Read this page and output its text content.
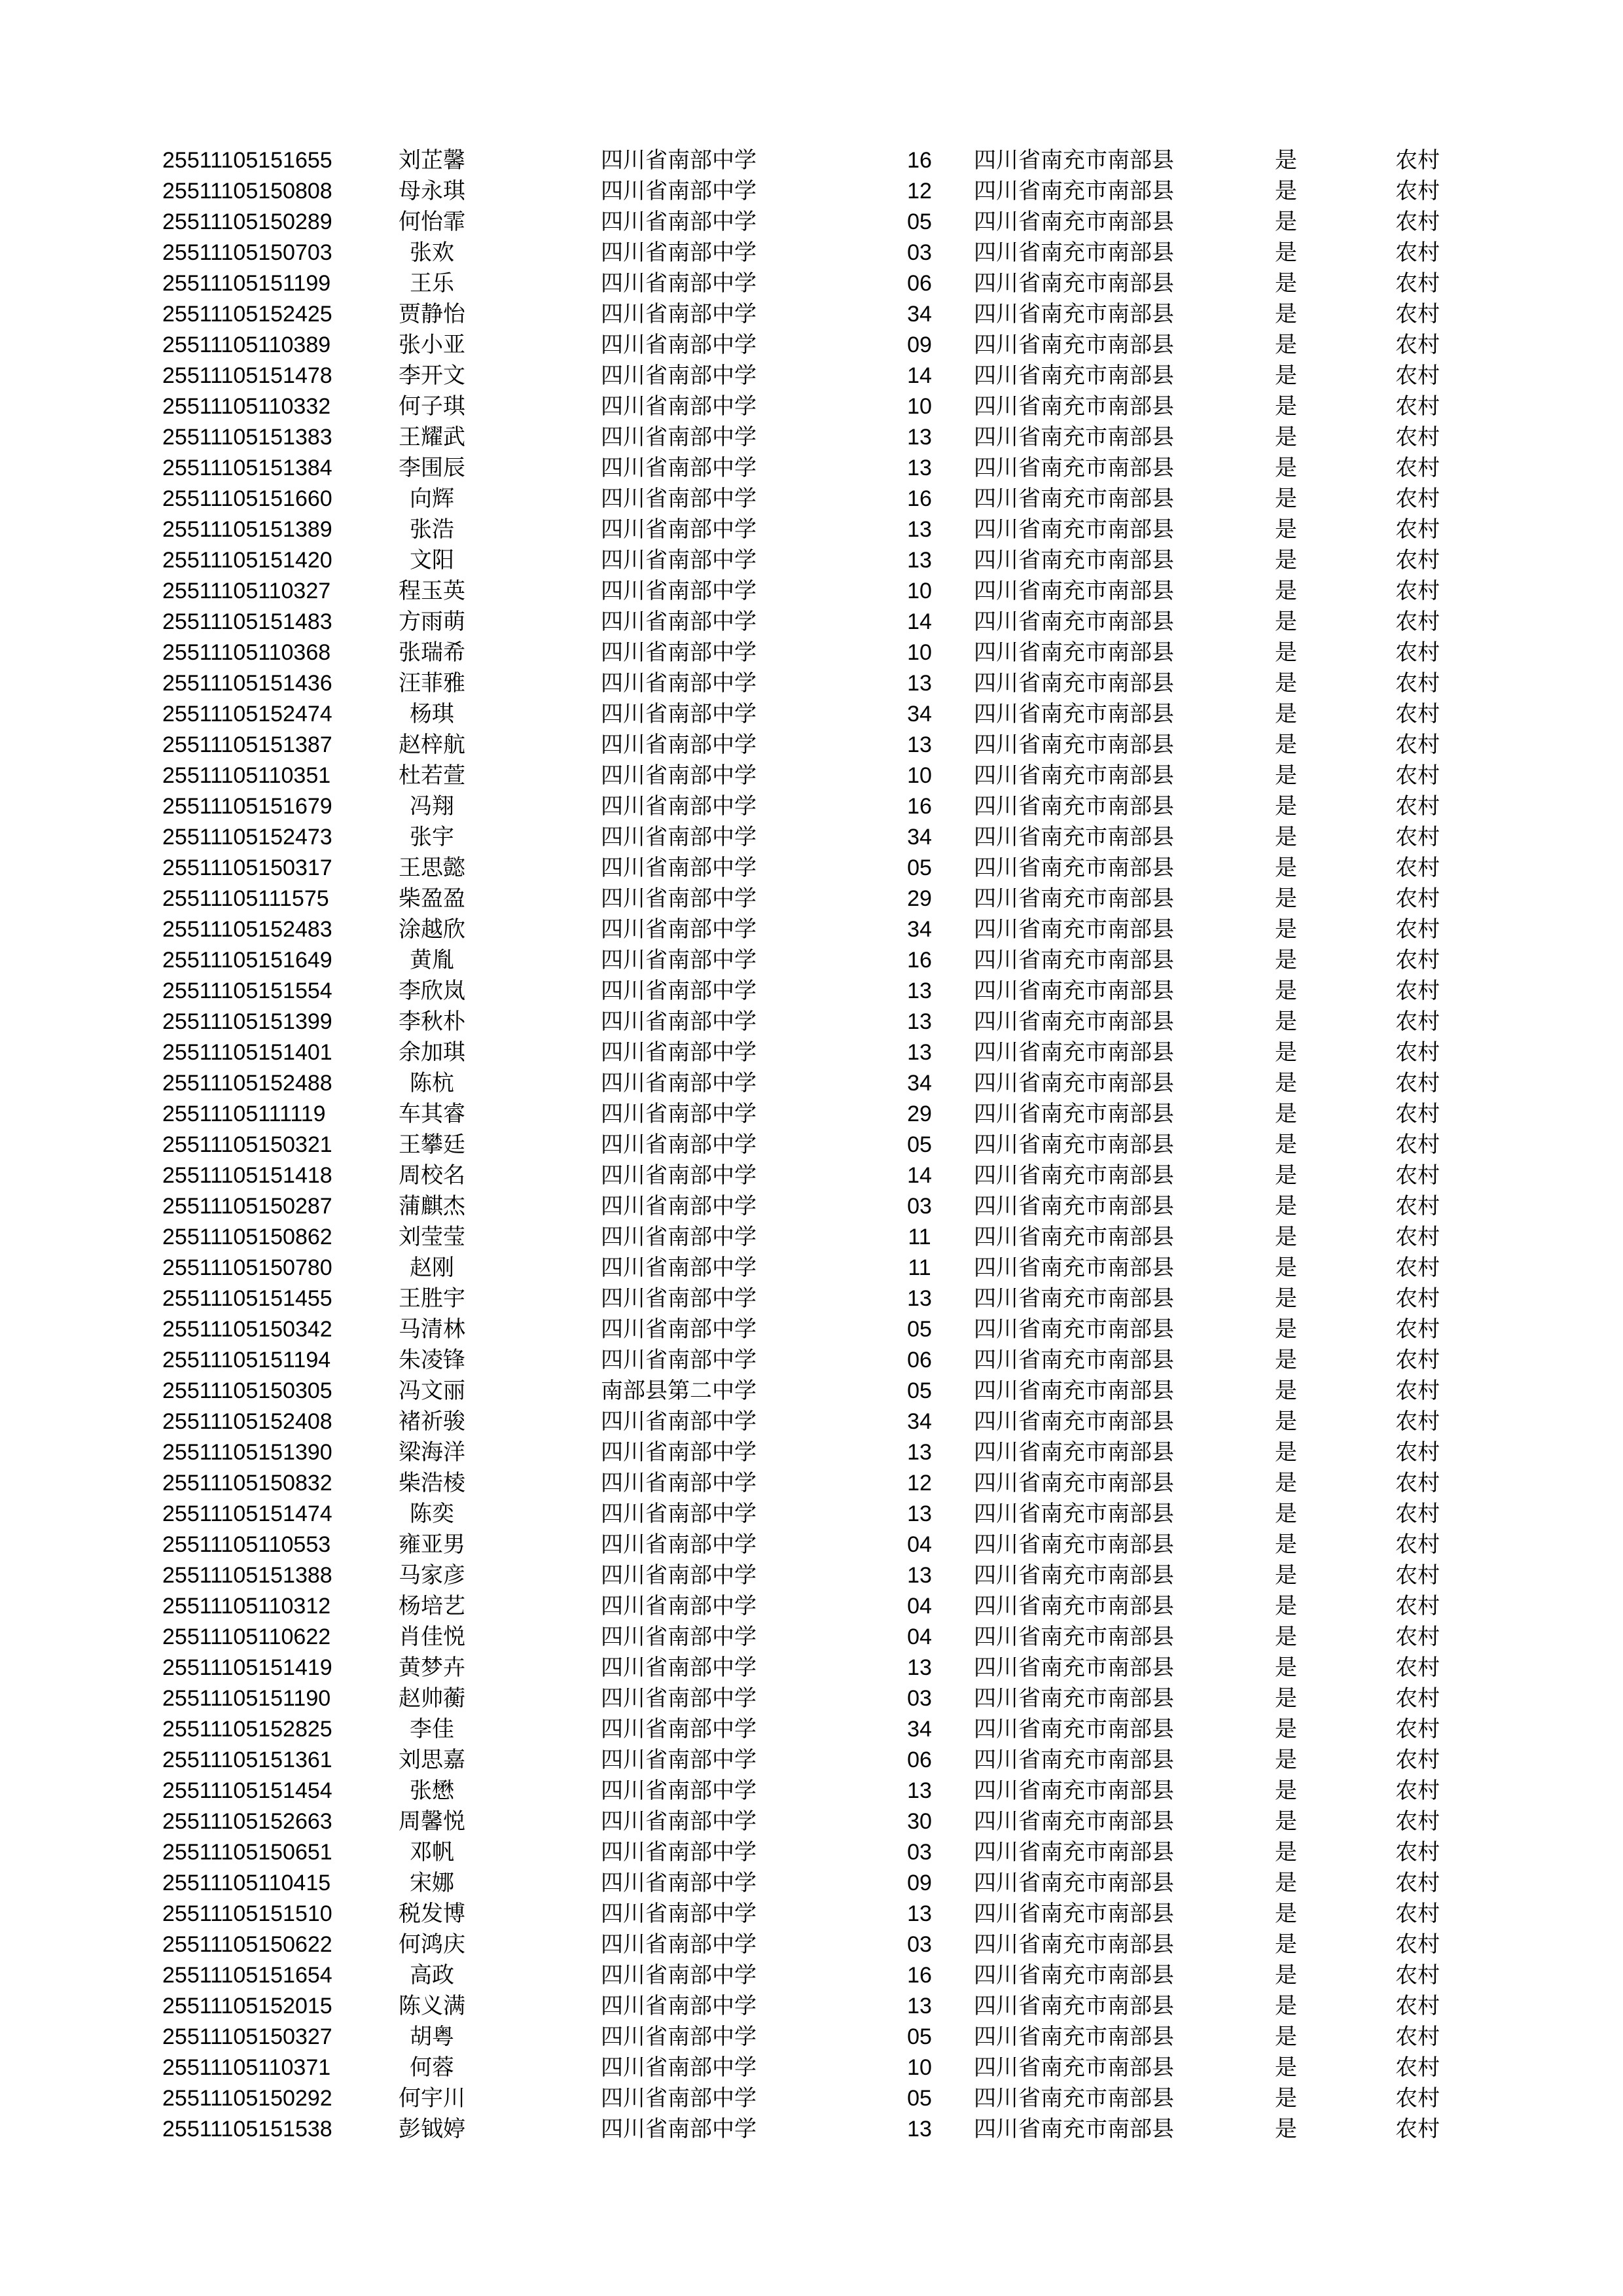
25511105151655	刘芷馨	四川省南部中学	16	四川省南充市南部县	是	农村
25511105150808	母永琪	四川省南部中学	12	四川省南充市南部县	是	农村
25511105150289	何怡霏	四川省南部中学	05	四川省南充市南部县	是	农村
25511105150703	张欢	四川省南部中学	03	四川省南充市南部县	是	农村
25511105151199	王乐	四川省南部中学	06	四川省南充市南部县	是	农村
25511105152425	贾静怡	四川省南部中学	34	四川省南充市南部县	是	农村
25511105110389	张小亚	四川省南部中学	09	四川省南充市南部县	是	农村
25511105151478	李开文	四川省南部中学	14	四川省南充市南部县	是	农村
25511105110332	何子琪	四川省南部中学	10	四川省南充市南部县	是	农村
25511105151383	王耀武	四川省南部中学	13	四川省南充市南部县	是	农村
25511105151384	李围辰	四川省南部中学	13	四川省南充市南部县	是	农村
25511105151660	向辉	四川省南部中学	16	四川省南充市南部县	是	农村
25511105151389	张浩	四川省南部中学	13	四川省南充市南部县	是	农村
25511105151420	文阳	四川省南部中学	13	四川省南充市南部县	是	农村
25511105110327	程玉英	四川省南部中学	10	四川省南充市南部县	是	农村
25511105151483	方雨萌	四川省南部中学	14	四川省南充市南部县	是	农村
25511105110368	张瑞希	四川省南部中学	10	四川省南充市南部县	是	农村
25511105151436	汪菲雅	四川省南部中学	13	四川省南充市南部县	是	农村
25511105152474	杨琪	四川省南部中学	34	四川省南充市南部县	是	农村
25511105151387	赵梓航	四川省南部中学	13	四川省南充市南部县	是	农村
25511105110351	杜若萱	四川省南部中学	10	四川省南充市南部县	是	农村
25511105151679	冯翔	四川省南部中学	16	四川省南充市南部县	是	农村
25511105152473	张宇	四川省南部中学	34	四川省南充市南部县	是	农村
25511105150317	王思懿	四川省南部中学	05	四川省南充市南部县	是	农村
25511105111575	柴盈盈	四川省南部中学	29	四川省南充市南部县	是	农村
25511105152483	涂越欣	四川省南部中学	34	四川省南充市南部县	是	农村
25511105151649	黄胤	四川省南部中学	16	四川省南充市南部县	是	农村
25511105151554	李欣岚	四川省南部中学	13	四川省南充市南部县	是	农村
25511105151399	李秋朴	四川省南部中学	13	四川省南充市南部县	是	农村
25511105151401	余加琪	四川省南部中学	13	四川省南充市南部县	是	农村
25511105152488	陈杭	四川省南部中学	34	四川省南充市南部县	是	农村
25511105111119	车其睿	四川省南部中学	29	四川省南充市南部县	是	农村
25511105150321	王攀廷	四川省南部中学	05	四川省南充市南部县	是	农村
25511105151418	周校名	四川省南部中学	14	四川省南充市南部县	是	农村
25511105150287	蒲麒杰	四川省南部中学	03	四川省南充市南部县	是	农村
25511105150862	刘莹莹	四川省南部中学	11	四川省南充市南部县	是	农村
25511105150780	赵刚	四川省南部中学	11	四川省南充市南部县	是	农村
25511105151455	王胜宇	四川省南部中学	13	四川省南充市南部县	是	农村
25511105150342	马清林	四川省南部中学	05	四川省南充市南部县	是	农村
25511105151194	朱凌锋	四川省南部中学	06	四川省南充市南部县	是	农村
25511105150305	冯文丽	南部县第二中学	05	四川省南充市南部县	是	农村
25511105152408	褚祈骏	四川省南部中学	34	四川省南充市南部县	是	农村
25511105151390	梁海洋	四川省南部中学	13	四川省南充市南部县	是	农村
25511105150832	柴浩棱	四川省南部中学	12	四川省南充市南部县	是	农村
25511105151474	陈奕	四川省南部中学	13	四川省南充市南部县	是	农村
25511105110553	雍亚男	四川省南部中学	04	四川省南充市南部县	是	农村
25511105151388	马家彦	四川省南部中学	13	四川省南充市南部县	是	农村
25511105110312	杨培艺	四川省南部中学	04	四川省南充市南部县	是	农村
25511105110622	肖佳悦	四川省南部中学	04	四川省南充市南部县	是	农村
25511105151419	黄梦卉	四川省南部中学	13	四川省南充市南部县	是	农村
25511105151190	赵帅蘅	四川省南部中学	03	四川省南充市南部县	是	农村
25511105152825	李佳	四川省南部中学	34	四川省南充市南部县	是	农村
25511105151361	刘思嘉	四川省南部中学	06	四川省南充市南部县	是	农村
25511105151454	张懋	四川省南部中学	13	四川省南充市南部县	是	农村
25511105152663	周馨悦	四川省南部中学	30	四川省南充市南部县	是	农村
25511105150651	邓帆	四川省南部中学	03	四川省南充市南部县	是	农村
25511105110415	宋娜	四川省南部中学	09	四川省南充市南部县	是	农村
25511105151510	税发博	四川省南部中学	13	四川省南充市南部县	是	农村
25511105150622	何鸿庆	四川省南部中学	03	四川省南充市南部县	是	农村
25511105151654	高政	四川省南部中学	16	四川省南充市南部县	是	农村
25511105152015	陈义满	四川省南部中学	13	四川省南充市南部县	是	农村
25511105150327	胡粤	四川省南部中学	05	四川省南充市南部县	是	农村
25511105110371	何蓉	四川省南部中学	10	四川省南充市南部县	是	农村
25511105150292	何宇川	四川省南部中学	05	四川省南充市南部县	是	农村
25511105151538	彭钺婷	四川省南部中学	13	四川省南充市南部县	是	农村
